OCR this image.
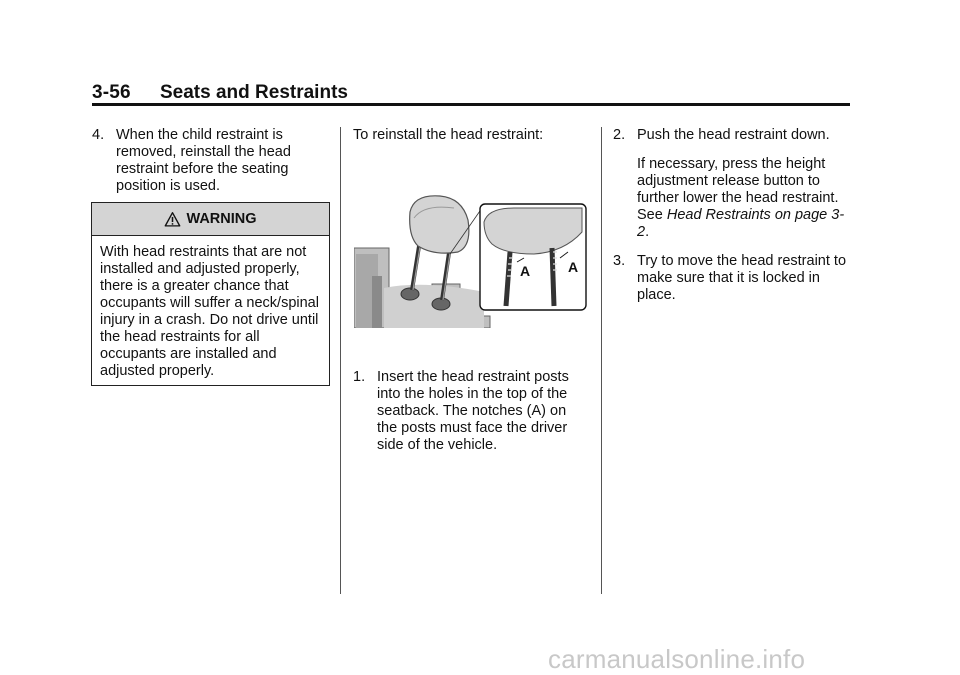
3-56 Seats and Restraints
4. When the child restraint is removed, reinstall the head restraint before the seating position is used.
WARNING
With head restraints that are not installed and adjusted properly, there is a greater chance that occupants will suffer a neck/spinal injury in a crash. Do not drive until the head restraints for all occupants are installed and adjusted properly.
To reinstall the head restraint:
A	A
1. Insert the head restraint posts into the holes in the top of the seatback. The notches (A) on the posts must face the driver side of the vehicle.
2. Push the head restraint down.
If necessary, press the height adjustment release button to further lower the head restraint. See Head Restraints on page 3-2.
3. Try to move the head restraint to make sure that it is locked in place.
carmanualsonline.info
